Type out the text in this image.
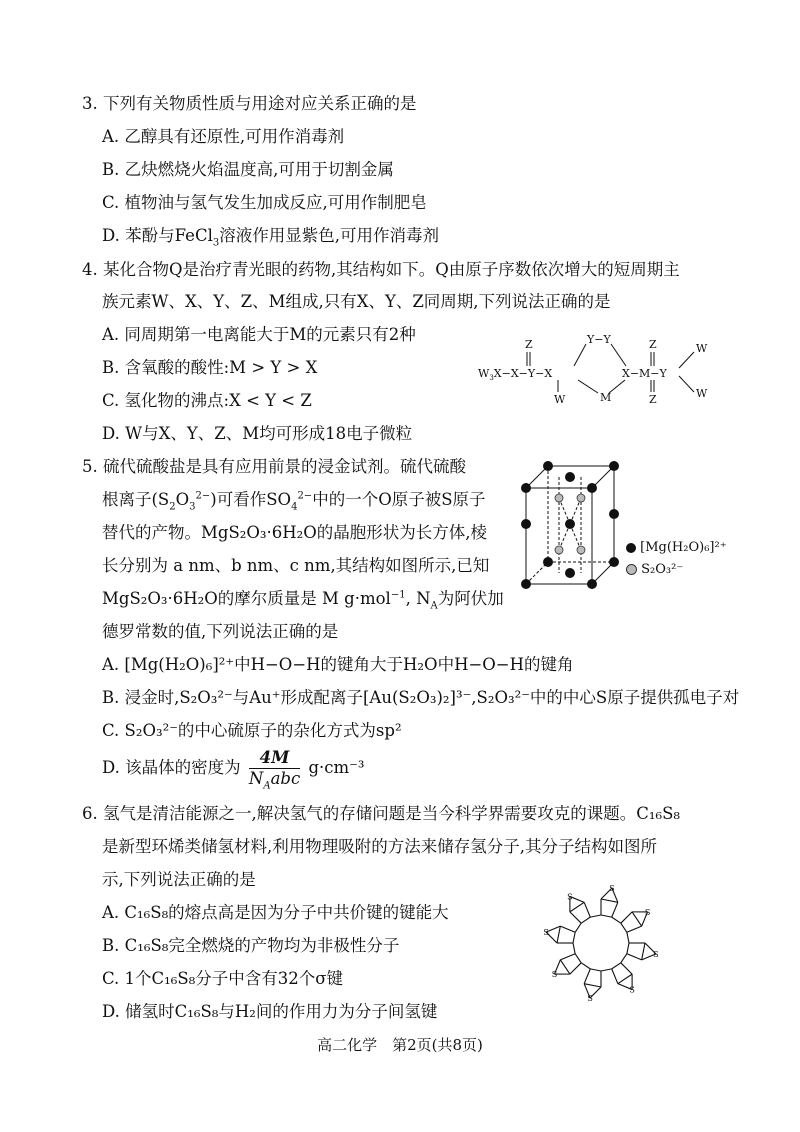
3. 下列有关物质性质与用途对应关系正确的是
A. 乙醇具有还原性,可用作消毒剂
B. 乙炔燃烧火焰温度高,可用于切割金属
C. 植物油与氢气发生加成反应,可用作制肥皂
D. 苯酚与FeCl$_3$溶液作用显紫色,可用作消毒剂
4. 某化合物Q是治疗青光眼的药物,其结构如下。Q由原子序数依次增大的短周期主
族元素W、X、Y、Z、M组成,只有X、Y、Z同周期,下列说法正确的是
A. 同周期第一电离能大于M的元素只有2种
B. 含氧酸的酸性:M > Y > X
C. 氢化物的沸点:X < Y < Z
D. W与X、Y、Z、M均可形成18电子微粒
$W_3X-X-Y-X$
Z
W
Y−Y
X−M−Y
M
Z
Z
W
W
5. 硫代硫酸盐是具有应用前景的浸金试剂。硫代硫酸
根离子$(S_2O_3^{2-})$可看作$SO_4^{2-}$中的一个O原子被S原子
替代的产物。MgS₂O₃·6H₂O的晶胞形状为长方体,棱
长分别为 a nm、b nm、c nm,其结构如图所示,已知
MgS₂O₃·6H₂O的摩尔质量是 M g·mol$^{-1}$, $N_A$为阿伏加
德罗常数的值,下列说法正确的是
[Mg(H₂O)₆]²⁺
S₂O₃²⁻
A. [Mg(H₂O)₆]²⁺中H−O−H的键角大于H₂O中H−O−H的键角
B. 浸金时,S₂O₃²⁻与Au⁺形成配离子[Au(S₂O₃)₂]³⁻,S₂O₃²⁻中的中心S原子提供孤电子对
C. S₂O₃²⁻的中心硫原子的杂化方式为sp²
D. 该晶体的密度为 $\frac{4M}{N_Aabc} g\cdot cm^{-3}$
6. 氢气是清洁能源之一,解决氢气的存储问题是当今科学界需要攻克的课题。C₁₆S₈
是新型环烯类储氢材料,利用物理吸附的方法来储存氢分子,其分子结构如图所
示,下列说法正确的是
A. C₁₆S₈的熔点高是因为分子中共价键的键能大
B. C₁₆S₈完全燃烧的产物均为非极性分子
C. 1个C₁₆S₈分子中含有32个σ键
D. 储氢时C₁₆S₈与H₂间的作用力为分子间氢键
S
S
S
S
S
S
S
S
高二化学　第2页(共8页)
